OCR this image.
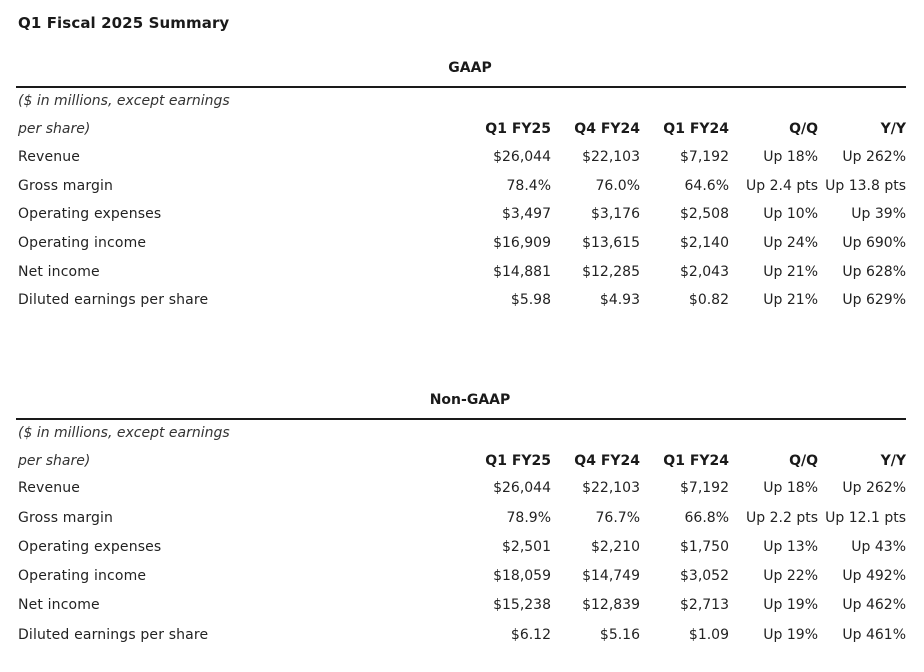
Q1 Fiscal 2025 Summary
GAAP
($ in millions, except earnings
per share)	Q1 FY25	Q4 FY24	Q1 FY24	Q/Q	Y/Y
Revenue	$26,044	$22,103	$7,192	Up 18%	Up 262%
Gross margin	78.4%	76.0%	64.6%	Up 2.4 pts	Up 13.8 pts
Operating expenses	$3,497	$3,176	$2,508	Up 10%	Up 39%
Operating income	$16,909	$13,615	$2,140	Up 24%	Up 690%
Net income	$14,881	$12,285	$2,043	Up 21%	Up 628%
Diluted earnings per share	$5.98	$4.93	$0.82	Up 21%	Up 629%
Non-GAAP
($ in millions, except earnings
per share)	Q1 FY25	Q4 FY24	Q1 FY24	Q/Q	Y/Y
Revenue	$26,044	$22,103	$7,192	Up 18%	Up 262%
Gross margin	78.9%	76.7%	66.8%	Up 2.2 pts	Up 12.1 pts
Operating expenses	$2,501	$2,210	$1,750	Up 13%	Up 43%
Operating income	$18,059	$14,749	$3,052	Up 22%	Up 492%
Net income	$15,238	$12,839	$2,713	Up 19%	Up 462%
Diluted earnings per share	$6.12	$5.16	$1.09	Up 19%	Up 461%
